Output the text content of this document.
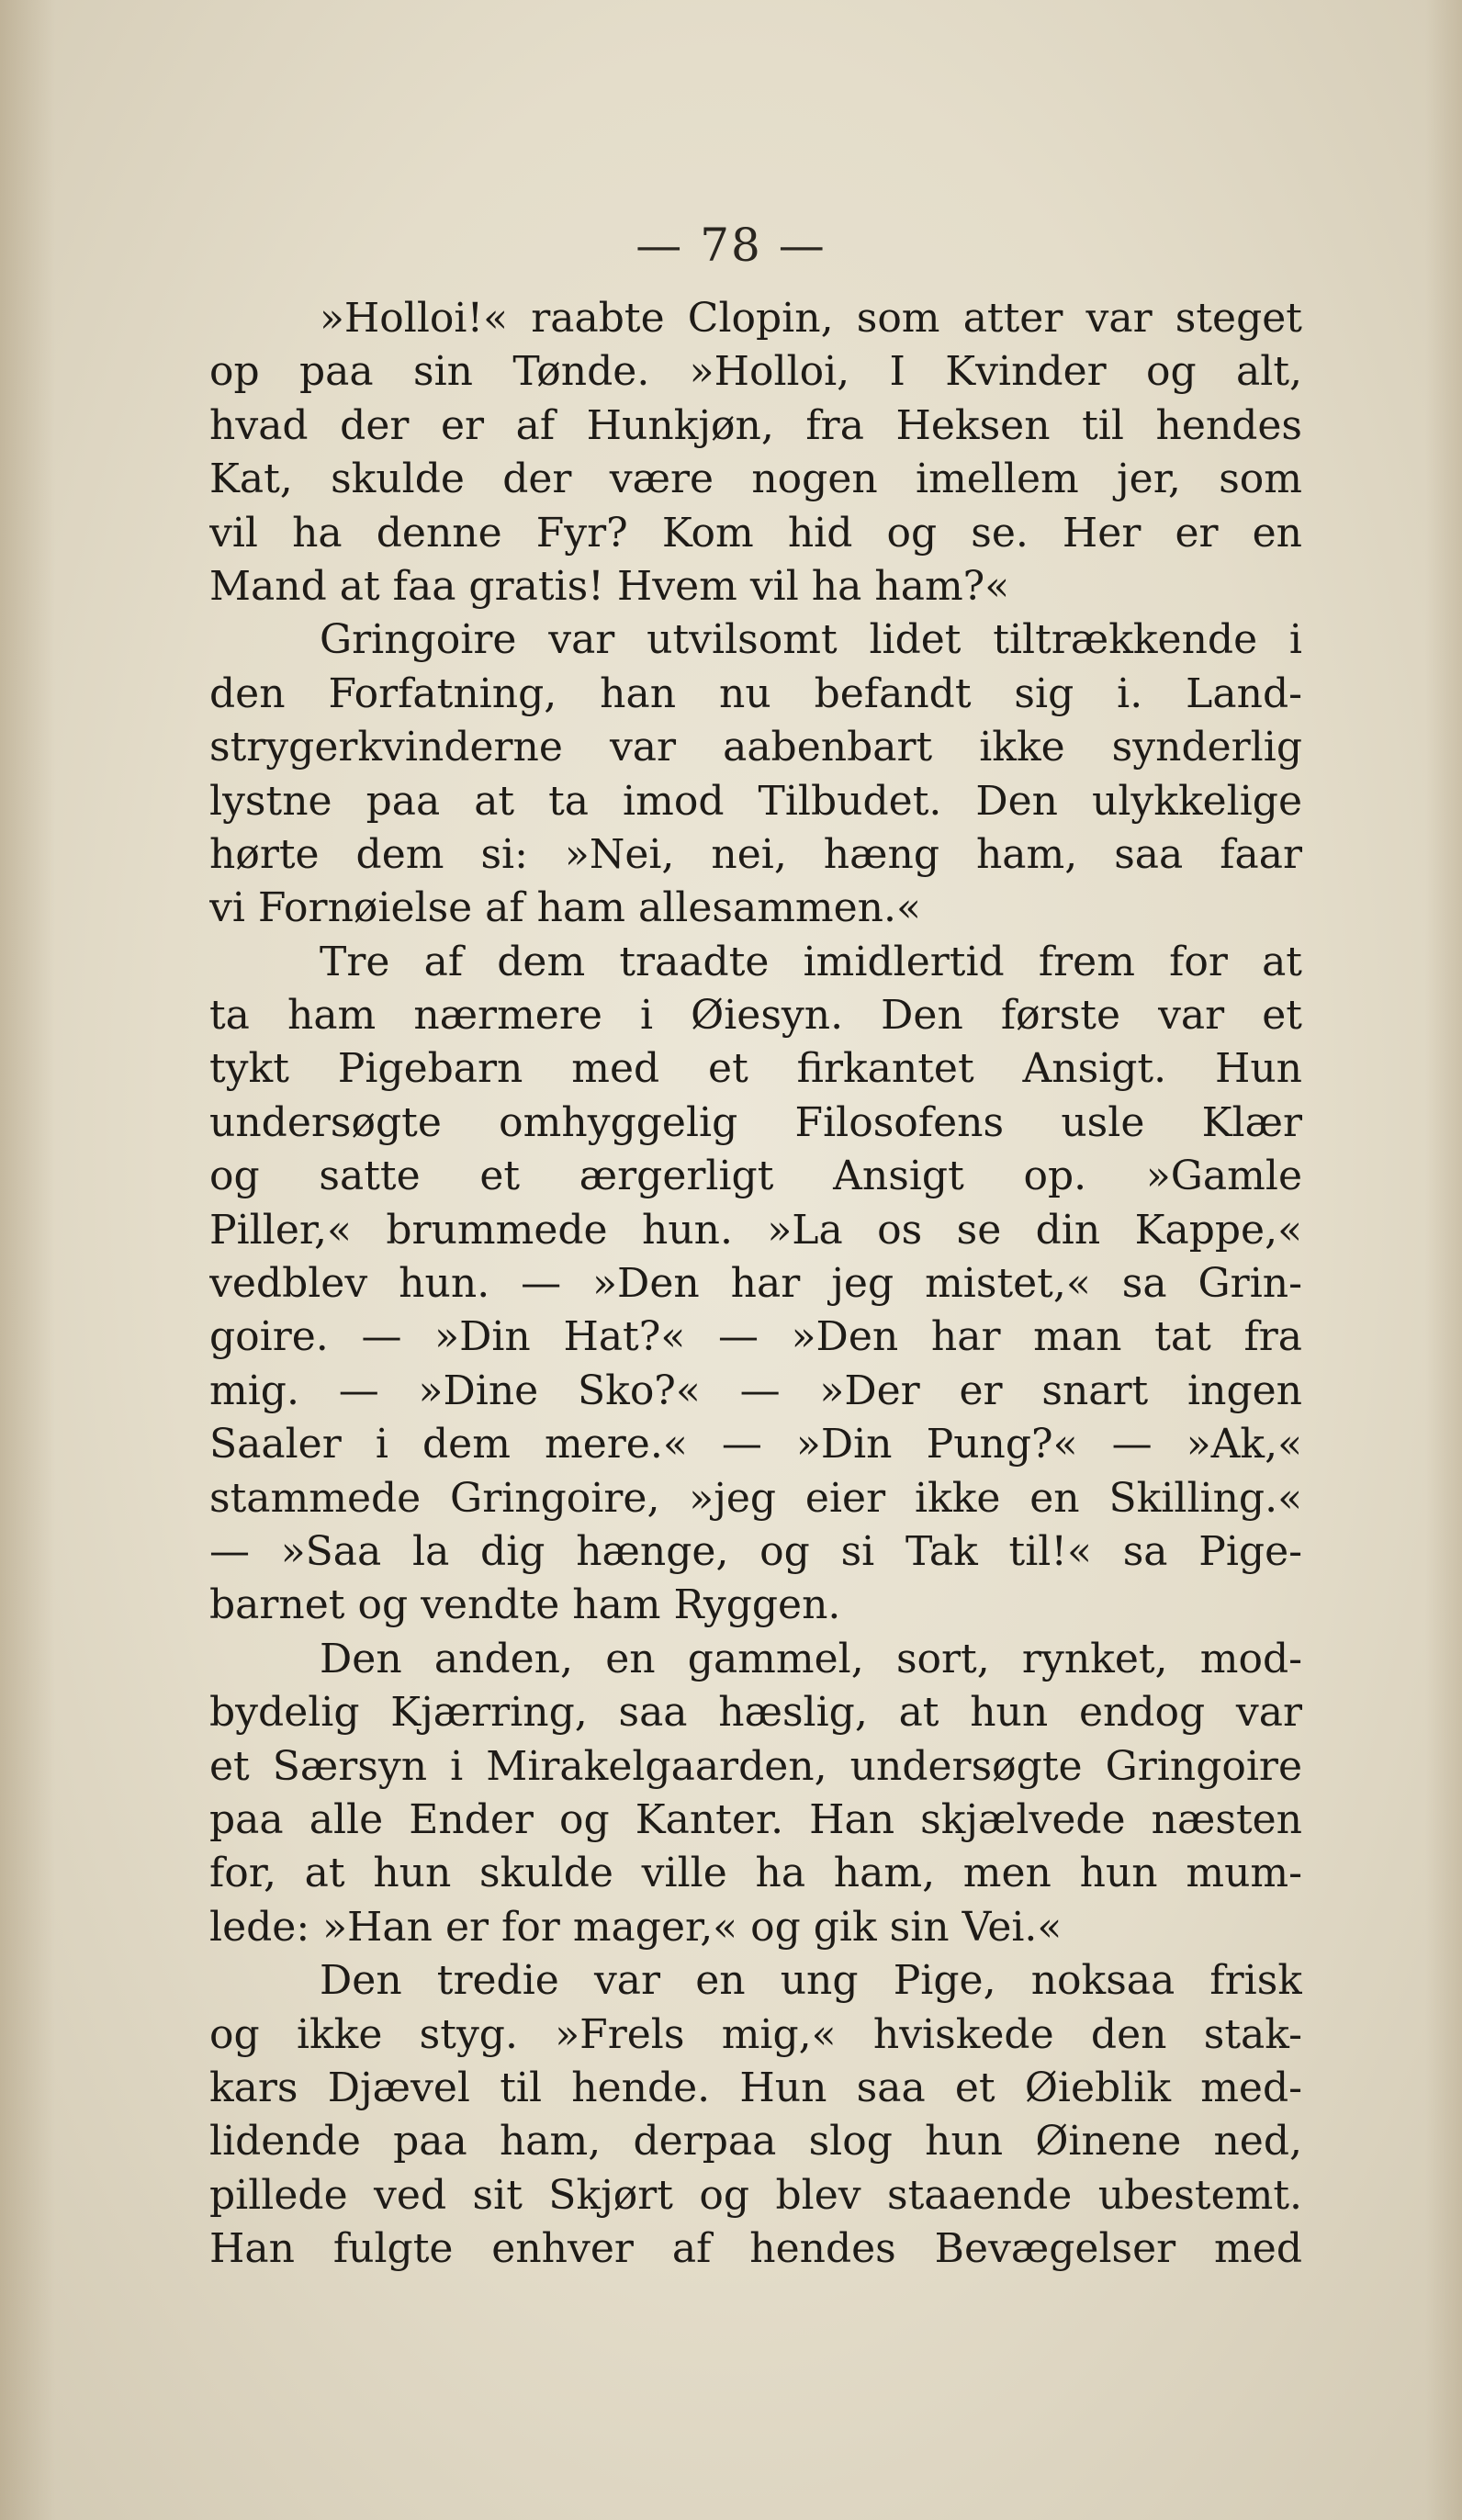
— 78 —
»Holloi!« raabte Clopin, som atter var steget
op paa sin Tønde. »Holloi, I Kvinder og alt,
hvad der er af Hunkjøn, fra Heksen til hendes
Kat, skulde der være nogen imellem jer, som
vil ha denne Fyr? Kom hid og se. Her er en
Mand at faa gratis! Hvem vil ha ham?«
Gringoire var utvilsomt lidet tiltrækkende i
den Forfatning, han nu befandt sig i. Land-
strygerkvinderne var aabenbart ikke synderlig
lystne paa at ta imod Tilbudet. Den ulykkelige
hørte dem si: »Nei, nei, hæng ham, saa faar
vi Fornøielse af ham allesammen.«
Tre af dem traadte imidlertid frem for at
ta ham nærmere i Øiesyn. Den første var et
tykt Pigebarn med et firkantet Ansigt. Hun
undersøgte omhyggelig Filosofens usle Klær
og satte et ærgerligt Ansigt op. »Gamle
Piller,« brummede hun. »La os se din Kappe,«
vedblev hun. — »Den har jeg mistet,« sa Grin-
goire. — »Din Hat?« — »Den har man tat fra
mig. — »Dine Sko?« — »Der er snart ingen
Saaler i dem mere.« — »Din Pung?« — »Ak,«
stammede Gringoire, »jeg eier ikke en Skilling.«
— »Saa la dig hænge, og si Tak til!« sa Pige-
barnet og vendte ham Ryggen.
Den anden, en gammel, sort, rynket, mod-
bydelig Kjærring, saa hæslig, at hun endog var
et Særsyn i Mirakelgaarden, undersøgte Gringoire
paa alle Ender og Kanter. Han skjælvede næsten
for, at hun skulde ville ha ham, men hun mum-
lede: »Han er for mager,« og gik sin Vei.«
Den tredie var en ung Pige, noksaa frisk
og ikke styg. »Frels mig,« hviskede den stak-
kars Djævel til hende. Hun saa et Øieblik med-
lidende paa ham, derpaa slog hun Øinene ned,
pillede ved sit Skjørt og blev staaende ubestemt.
Han fulgte enhver af hendes Bevægelser med
